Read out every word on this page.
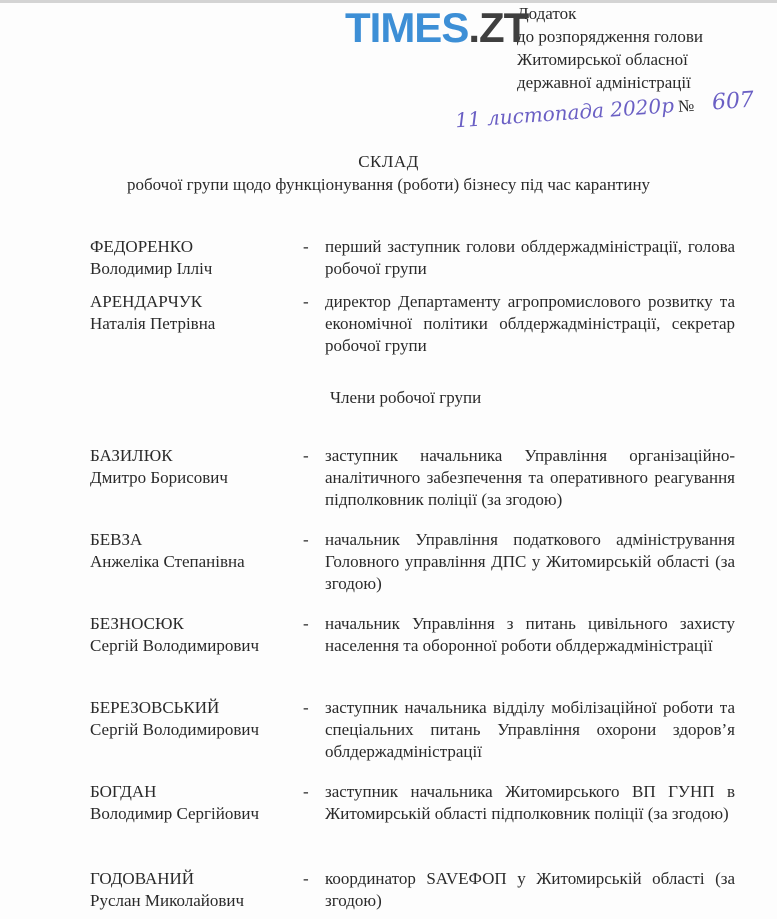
Додаток
до розпорядження голови
Житомирської обласної
державної адміністрації
TIMES.ZT
11 листопада 2020р № 607
СКЛАД
робочої групи щодо функціонування (роботи) бізнесу під час карантину
ФЕДОРЕНКО
Володимир Ілліч
- перший заступник голови облдержадміністрації, голова робочої групи
АРЕНДАРЧУК
Наталія Петрівна
- директор Департаменту агропромислового розвитку та економічної політики облдержадміністрації, секретар робочої групи
Члени робочої групи
БАЗИЛЮК
Дмитро Борисович
- заступник начальника Управління організаційно-аналітичного забезпечення та оперативного реагування підполковник поліції (за згодою)
БЕВЗА
Анжеліка Степанівна
- начальник Управління податкового адміністрування Головного управління ДПС у Житомирській області (за згодою)
БЕЗНОСЮК
Сергій Володимирович
- начальник Управління з питань цивільного захисту населення та оборонної роботи облдержадміністрації
БЕРЕЗОВСЬКИЙ
Сергій Володимирович
- заступник начальника відділу мобілізаційної роботи та спеціальних питань Управління охорони здоров’я облдержадміністрації
БОГДАН
Володимир Сергійович
- заступник начальника Житомирського ВП ГУНП в Житомирській області підполковник поліції (за згодою)
ГОДОВАНИЙ
Руслан Миколайович
- координатор SAVEФОП у Житомирській області (за згодою)
